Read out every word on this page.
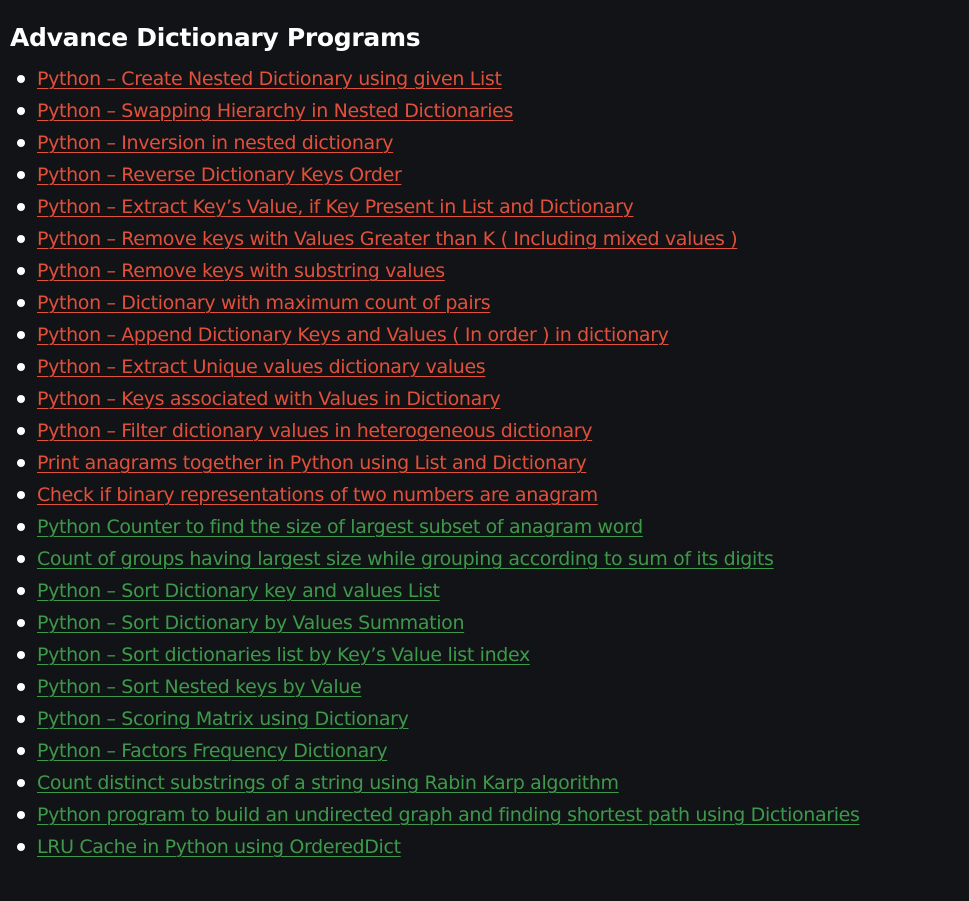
Advance Dictionary Programs
Python – Create Nested Dictionary using given List
Python – Swapping Hierarchy in Nested Dictionaries
Python – Inversion in nested dictionary
Python – Reverse Dictionary Keys Order
Python – Extract Key’s Value, if Key Present in List and Dictionary
Python – Remove keys with Values Greater than K ( Including mixed values )
Python – Remove keys with substring values
Python – Dictionary with maximum count of pairs
Python – Append Dictionary Keys and Values ( In order ) in dictionary
Python – Extract Unique values dictionary values
Python – Keys associated with Values in Dictionary
Python – Filter dictionary values in heterogeneous dictionary
Print anagrams together in Python using List and Dictionary
Check if binary representations of two numbers are anagram
Python Counter to find the size of largest subset of anagram word
Count of groups having largest size while grouping according to sum of its digits
Python – Sort Dictionary key and values List
Python – Sort Dictionary by Values Summation
Python – Sort dictionaries list by Key’s Value list index
Python – Sort Nested keys by Value
Python – Scoring Matrix using Dictionary
Python – Factors Frequency Dictionary
Count distinct substrings of a string using Rabin Karp algorithm
Python program to build an undirected graph and finding shortest path using Dictionaries
LRU Cache in Python using OrderedDict
